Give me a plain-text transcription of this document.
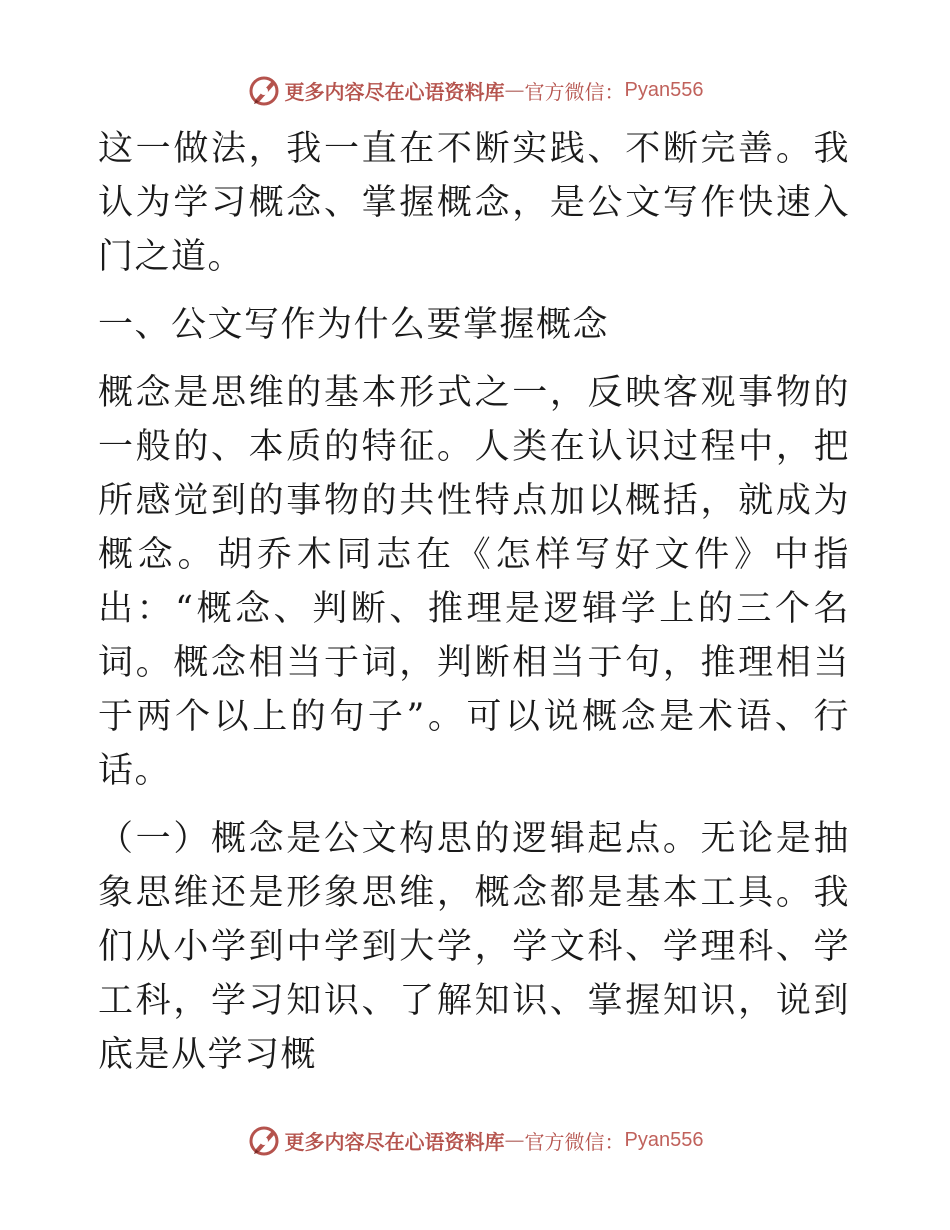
更多内容尽在心语资料库 — 官方微信： Pyan556

这一做法，我一直在不断实践、不断完善。我认为学习概念、掌握概念，是公文写作快速入门之道。

一、公文写作为什么要掌握概念

概念是思维的基本形式之一，反映客观事物的一般的、本质的特征。人类在认识过程中，把所感觉到的事物的共性特点加以概括，就成为概念。胡乔木同志在《怎样写好文件》中指出：“概念、判断、推理是逻辑学上的三个名词。概念相当于词，判断相当于句，推理相当于两个以上的句子”。可以说概念是术语、行话。

（一）概念是公文构思的逻辑起点。无论是抽象思维还是形象思维，概念都是基本工具。我们从小学到中学到大学，学文科、学理科、学工科，学习知识、了解知识、掌握知识，说到底是从学习概

更多内容尽在心语资料库 — 官方微信： Pyan556
